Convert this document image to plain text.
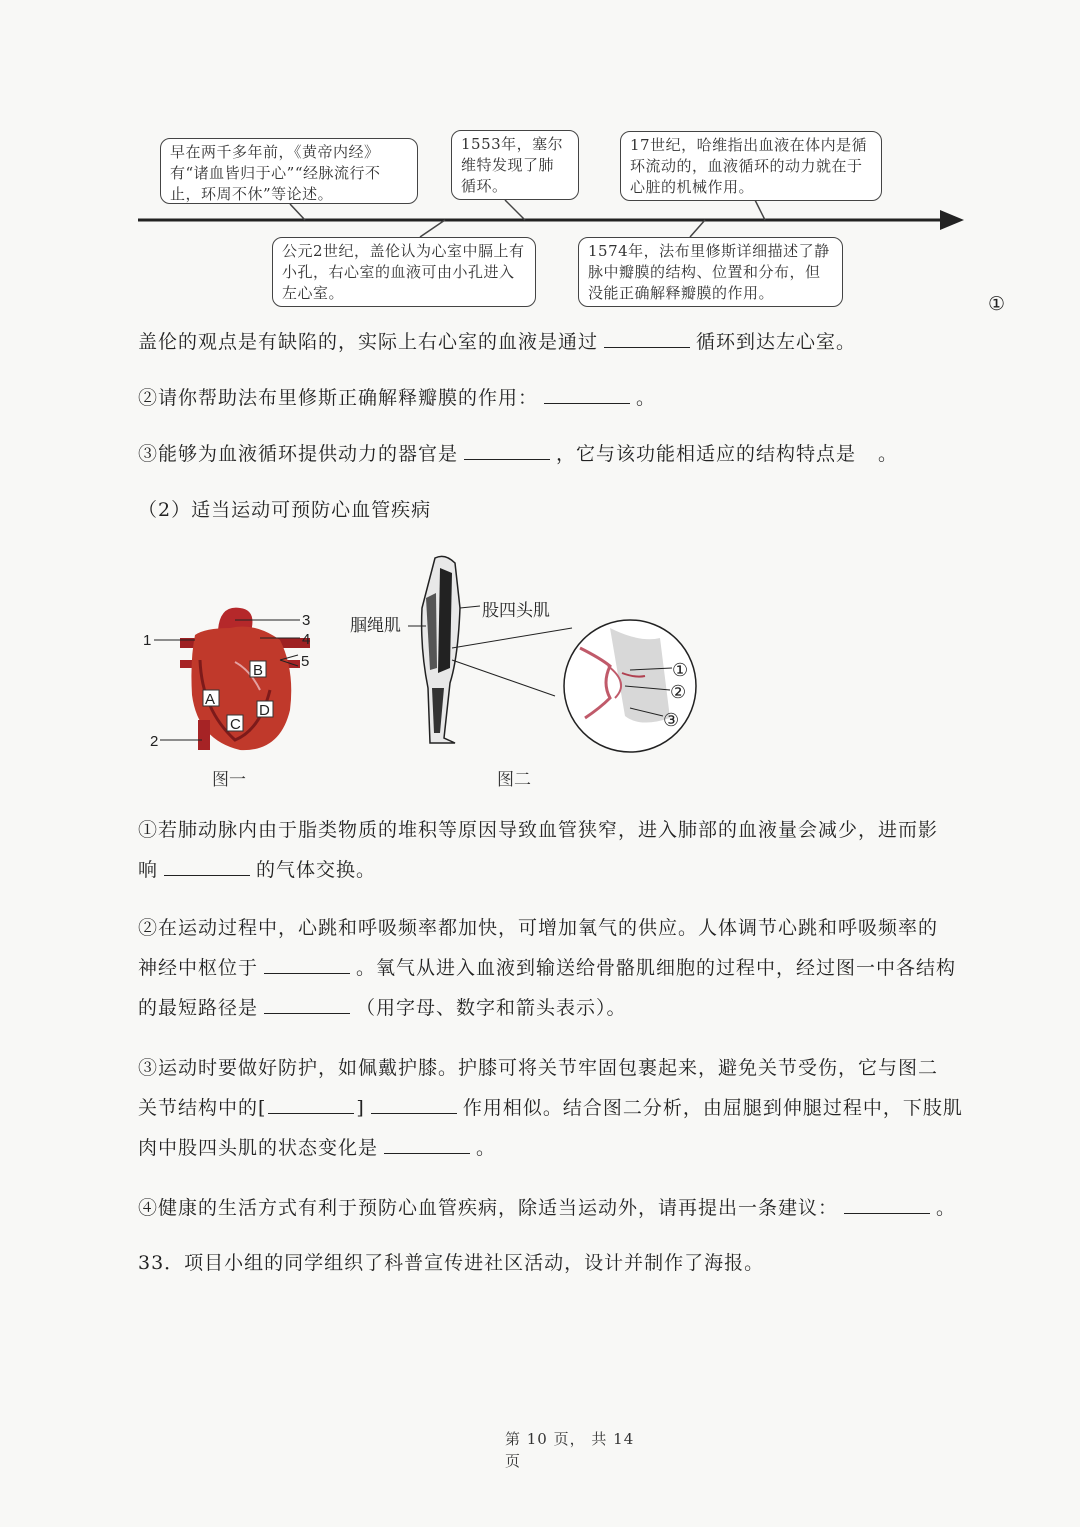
早在两千多年前，《黄帝内经》有“诸血皆归于心”“经脉流行不止，环周不休”等论述。
1553年，塞尔维特发现了肺循环。
17世纪，哈维指出血液在体内是循环流动的，血液循环的动力就在于心脏的机械作用。
公元2世纪，盖伦认为心室中膈上有小孔，右心室的血液可由小孔进入左心室。
1574年，法布里修斯详细描述了静脉中瓣膜的结构、位置和分布，但没能正确解释瓣膜的作用。	①
盖伦的观点是有缺陷的，实际上右心室的血液是通过	循环到达左心室。
②请你帮助法布里修斯正确解释瓣膜的作用：	。
③能够为血液循环提供动力的器官是	，它与该功能相适应的结构特点是 。
（2）适当运动可预防心血管疾病
B
A
C
D
1
2
3
4
5
图一
股四头肌
腘绳肌
①
②
③
图二
①若肺动脉内由于脂类物质的堆积等原因导致血管狭窄，进入肺部的血液量会减少，进而影
响	的气体交换。
②在运动过程中，心跳和呼吸频率都加快，可增加氧气的供应。人体调节心跳和呼吸频率的
神经中枢位于	。氧气从进入血液到输送给骨骼肌细胞的过程中，经过图一中各结构
的最短路径是	（用字母、数字和箭头表示）。
③运动时要做好防护，如佩戴护膝。护膝可将关节牢固包裹起来，避免关节受伤，它与图二
关节结构中的[	]	作用相似。结合图二分析，由屈腿到伸腿过程中，下肢肌
肉中股四头肌的状态变化是	。
④健康的生活方式有利于预防心血管疾病，除适当运动外，请再提出一条建议：	。
33．项目小组的同学组织了科普宣传进社区活动，设计并制作了海报。
第 10 页， 共 14
页
